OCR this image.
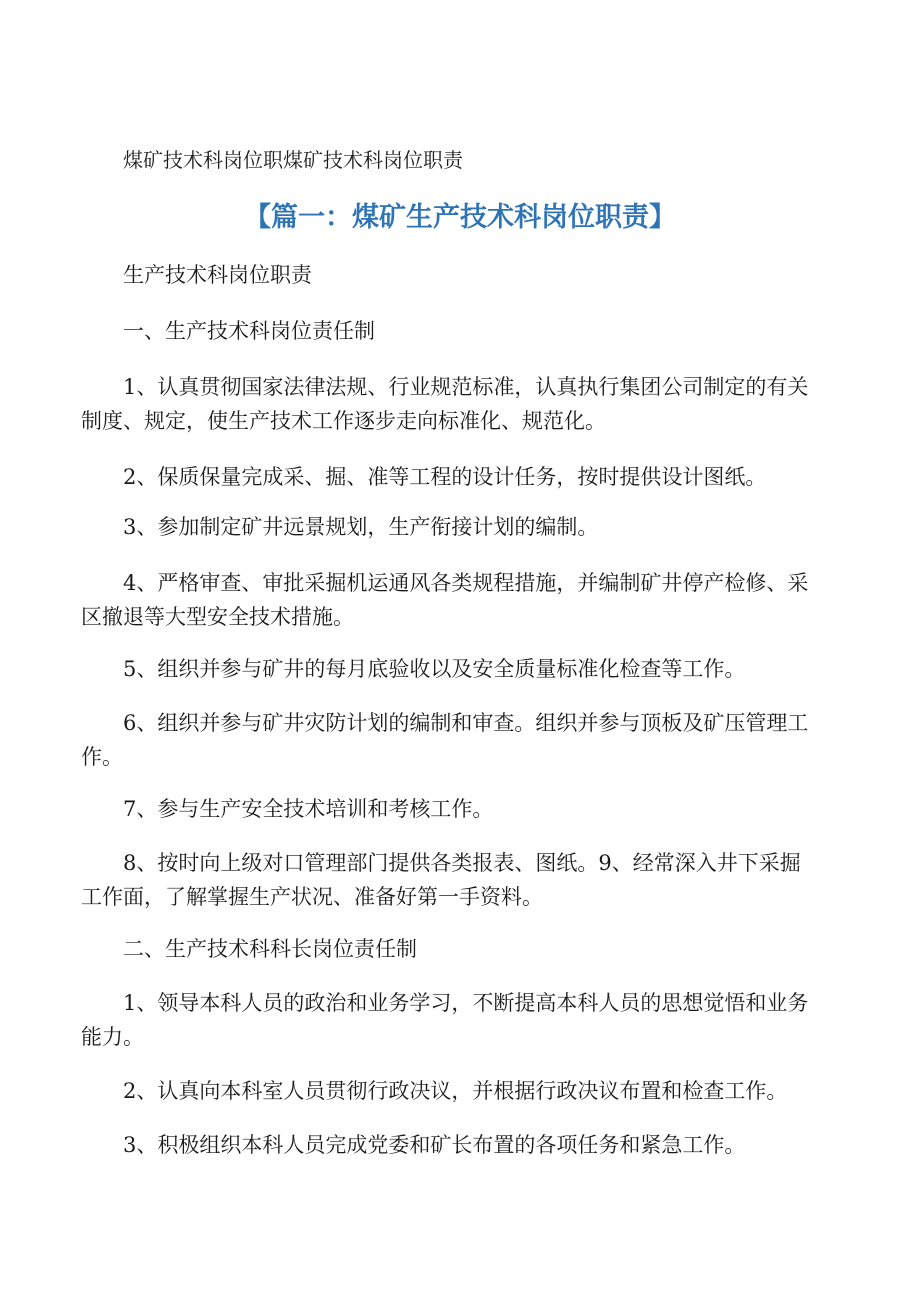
煤矿技术科岗位职煤矿技术科岗位职责
【篇一：煤矿生产技术科岗位职责】
生产技术科岗位职责
一、生产技术科岗位责任制
1、认真贯彻国家法律法规、行业规范标准，认真执行集团公司制定的有关
制度、规定，使生产技术工作逐步走向标准化、规范化。
2、保质保量完成采、掘、准等工程的设计任务，按时提供设计图纸。
3、参加制定矿井远景规划，生产衔接计划的编制。
4、严格审查、审批采掘机运通风各类规程措施，并编制矿井停产检修、采
区撤退等大型安全技术措施。
5、组织并参与矿井的每月底验收以及安全质量标准化检查等工作。
6、组织并参与矿井灾防计划的编制和审查。组织并参与顶板及矿压管理工
作。
7、参与生产安全技术培训和考核工作。
8、按时向上级对口管理部门提供各类报表、图纸。9、经常深入井下采掘
工作面，了解掌握生产状况、准备好第一手资料。
二、生产技术科科长岗位责任制
1、领导本科人员的政治和业务学习，不断提高本科人员的思想觉悟和业务
能力。
2、认真向本科室人员贯彻行政决议，并根据行政决议布置和检查工作。
3、积极组织本科人员完成党委和矿长布置的各项任务和紧急工作。
